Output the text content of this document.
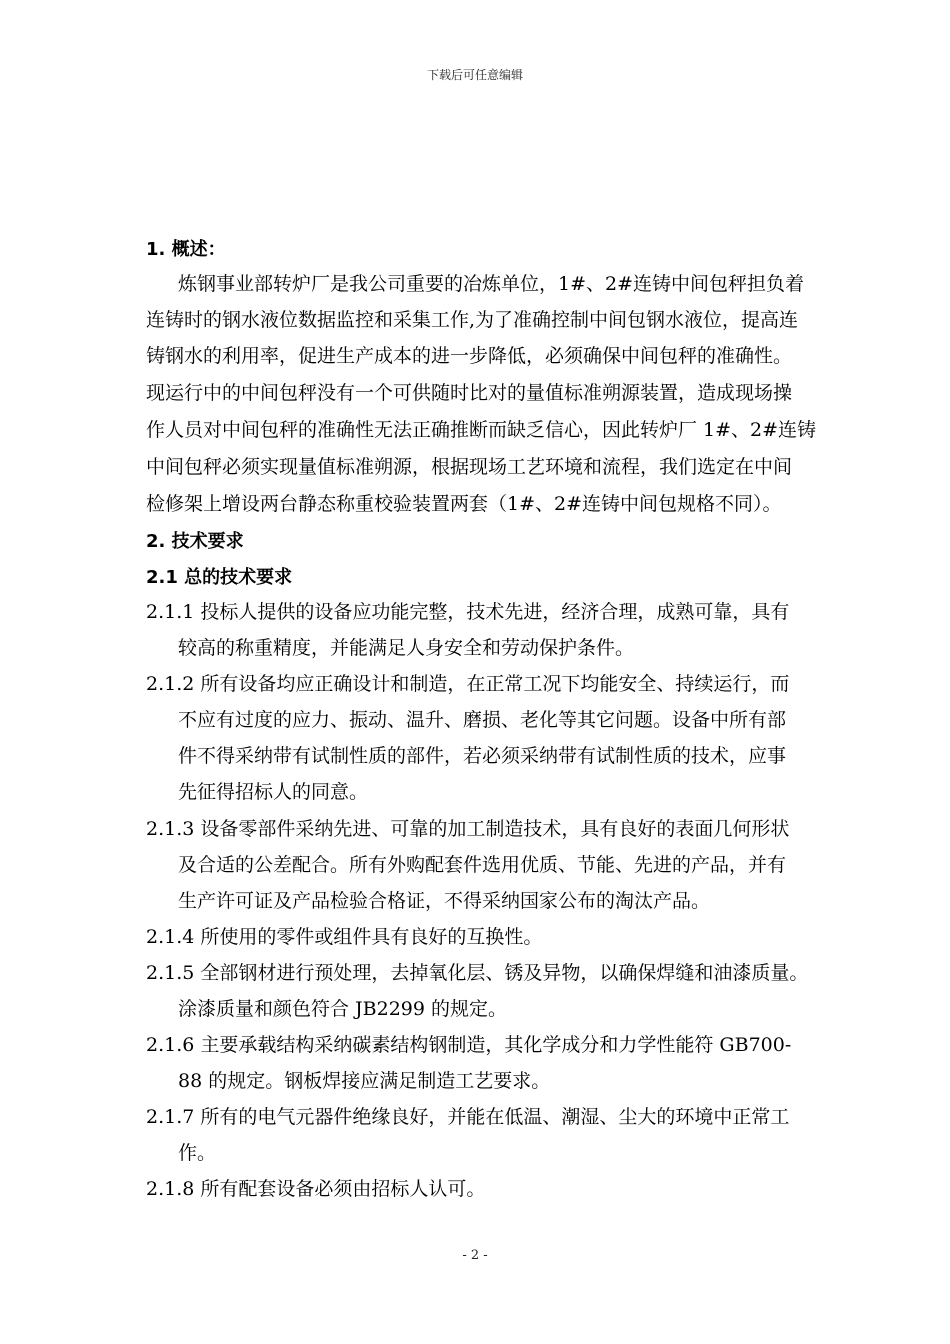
下载后可任意编辑
1. 概述：
炼钢事业部转炉厂是我公司重要的冶炼单位，1#、2#连铸中间包秤担负着
连铸时的钢水液位数据监控和采集工作,为了准确控制中间包钢水液位，提高连
铸钢水的利用率，促进生产成本的进一步降低，必须确保中间包秤的准确性。
现运行中的中间包秤没有一个可供随时比对的量值标准朔源装置，造成现场操
作人员对中间包秤的准确性无法正确推断而缺乏信心，因此转炉厂 1#、2#连铸
中间包秤必须实现量值标准朔源，根据现场工艺环境和流程，我们选定在中间
检修架上增设两台静态称重校验装置两套（1#、2#连铸中间包规格不同）。
2. 技术要求
2.1 总的技术要求
2.1.1 投标人提供的设备应功能完整，技术先进，经济合理，成熟可靠，具有
较高的称重精度，并能满足人身安全和劳动保护条件。
2.1.2 所有设备均应正确设计和制造，在正常工况下均能安全、持续运行，而
不应有过度的应力、振动、温升、磨损、老化等其它问题。设备中所有部
件不得采纳带有试制性质的部件，若必须采纳带有试制性质的技术，应事
先征得招标人的同意。
2.1.3 设备零部件采纳先进、可靠的加工制造技术，具有良好的表面几何形状
及合适的公差配合。所有外购配套件选用优质、节能、先进的产品，并有
生产许可证及产品检验合格证，不得采纳国家公布的淘汰产品。
2.1.4 所使用的零件或组件具有良好的互换性。
2.1.5 全部钢材进行预处理，去掉氧化层、锈及异物，以确保焊缝和油漆质量。
涂漆质量和颜色符合 JB2299 的规定。
2.1.6 主要承载结构采纳碳素结构钢制造，其化学成分和力学性能符 GB700-
88 的规定。钢板焊接应满足制造工艺要求。
2.1.7 所有的电气元器件绝缘良好，并能在低温、潮湿、尘大的环境中正常工
作。
2.1.8 所有配套设备必须由招标人认可。
- 2 -
